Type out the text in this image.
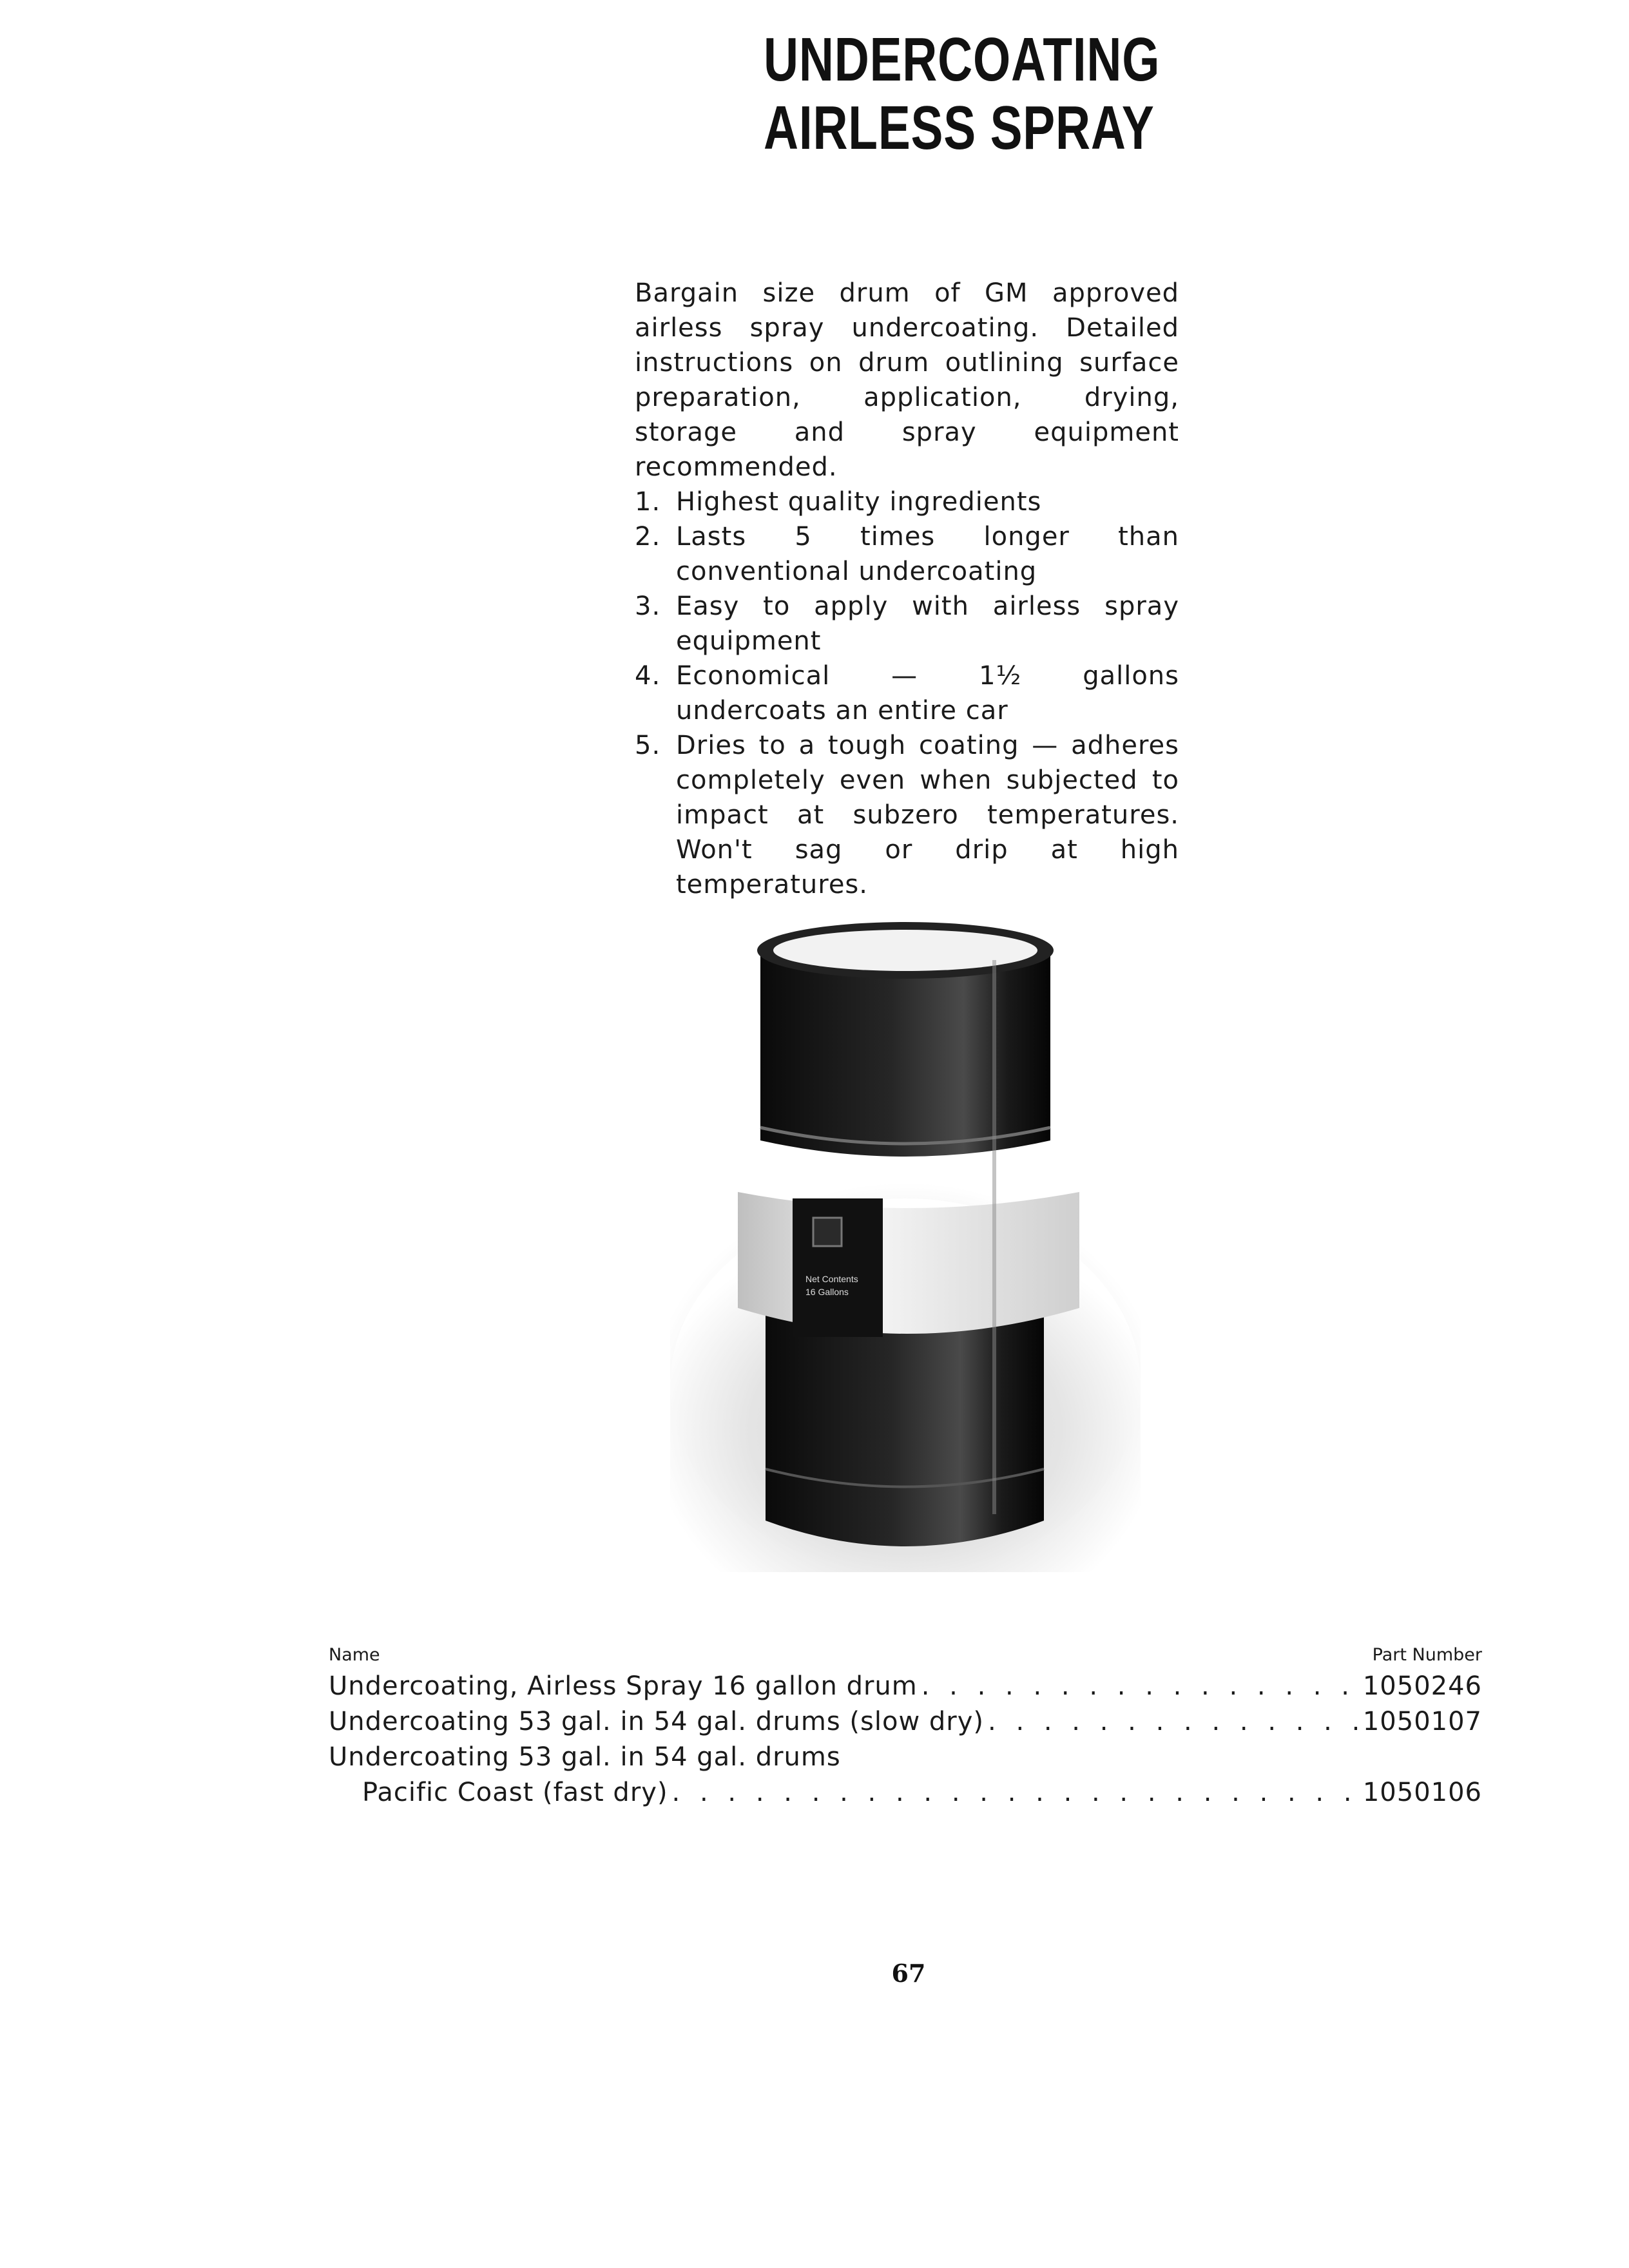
UNDERCOATING
AIRLESS SPRAY
Bargain size drum of GM approved airless spray undercoating. Detailed instructions on drum outlining surface preparation, application, drying, storage and spray equipment recommended.
1. Highest quality ingredients
2. Lasts 5 times longer than conventional undercoating
3. Easy to apply with airless spray equipment
4. Economical — 1½ gallons undercoats an entire car
5. Dries to a tough coating — adheres completely even when subjected to impact at subzero temperatures. Won't sag or drip at high temperatures.
Net Contents
16 Gallons
Name	Part Number
Undercoating, Airless Spray 16 gallon drum . . .	1050246
Undercoating 53 gal. in 54 gal. drums (slow dry) . . .	1050107
Undercoating 53 gal. in 54 gal. drums
Pacific Coast (fast dry) . . .	1050106
67
